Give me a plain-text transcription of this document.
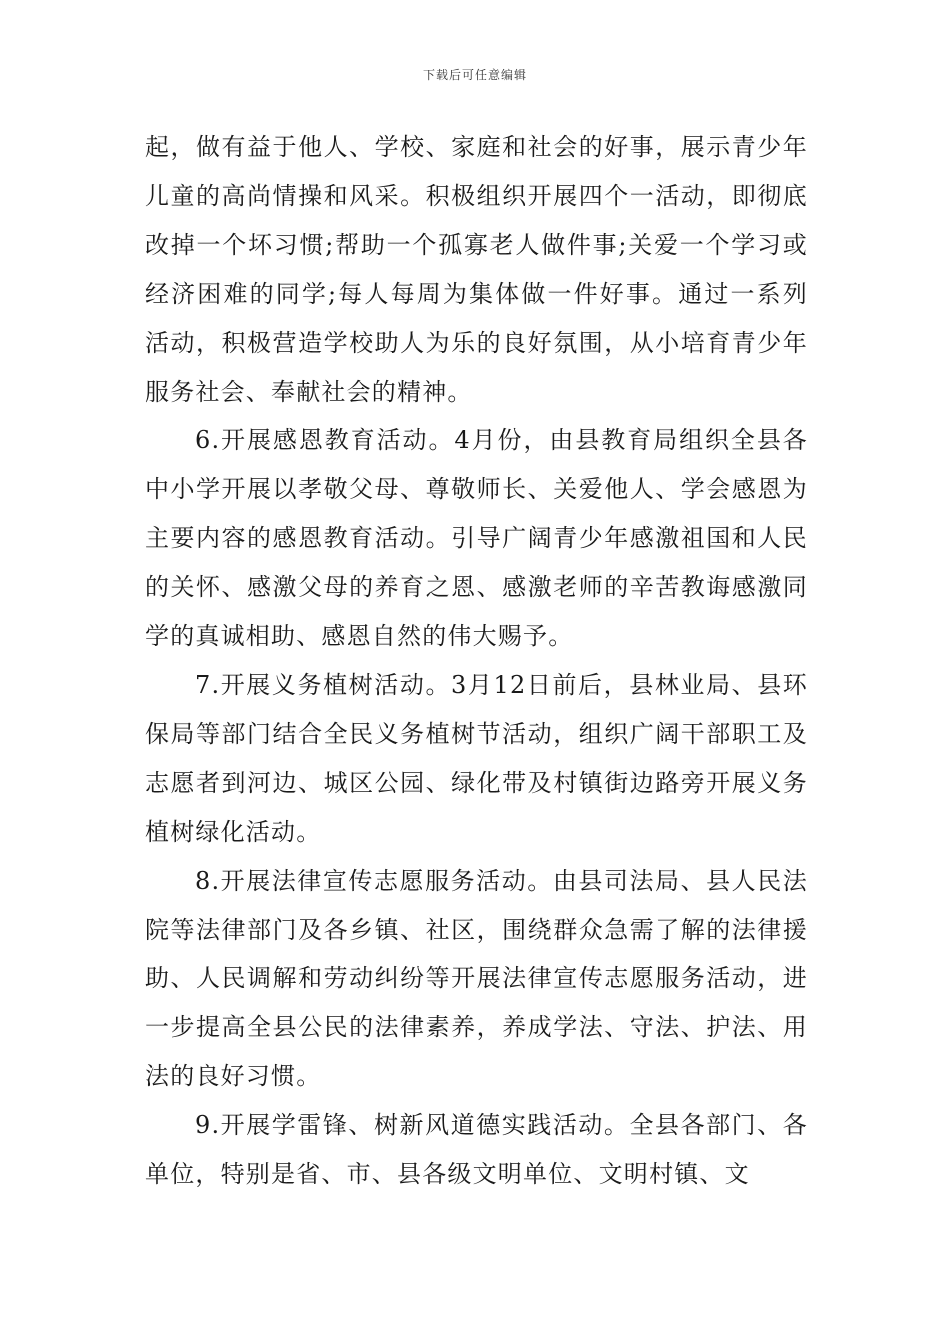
下载后可任意编辑

起，做有益于他人、学校、家庭和社会的好事，展示青少年儿童的高尚情操和风采。积极组织开展四个一活动，即彻底改掉一个坏习惯;帮助一个孤寡老人做件事;关爱一个学习或经济困难的同学;每人每周为集体做一件好事。通过一系列活动，积极营造学校助人为乐的良好氛围，从小培育青少年服务社会、奉献社会的精神。

6.开展感恩教育活动。4月份，由县教育局组织全县各中小学开展以孝敬父母、尊敬师长、关爱他人、学会感恩为主要内容的感恩教育活动。引导广阔青少年感激祖国和人民的关怀、感激父母的养育之恩、感激老师的辛苦教诲感激同学的真诚相助、感恩自然的伟大赐予。

7.开展义务植树活动。3月12日前后，县林业局、县环保局等部门结合全民义务植树节活动，组织广阔干部职工及志愿者到河边、城区公园、绿化带及村镇街边路旁开展义务植树绿化活动。

8.开展法律宣传志愿服务活动。由县司法局、县人民法院等法律部门及各乡镇、社区，围绕群众急需了解的法律援助、人民调解和劳动纠纷等开展法律宣传志愿服务活动，进一步提高全县公民的法律素养，养成学法、守法、护法、用法的良好习惯。

9.开展学雷锋、树新风道德实践活动。全县各部门、各单位，特别是省、市、县各级文明单位、文明村镇、文
